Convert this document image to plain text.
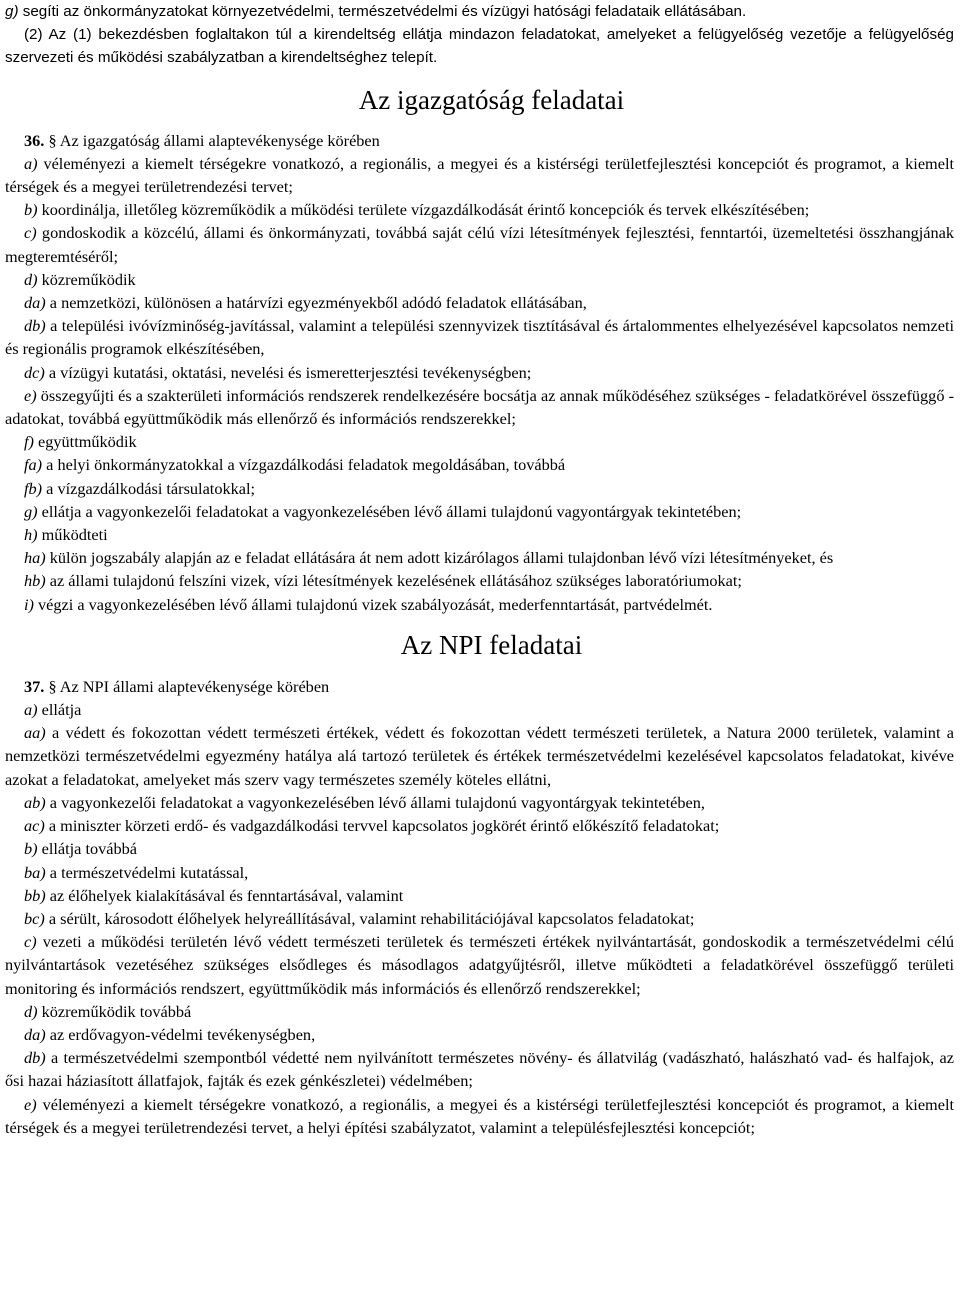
g) segíti az önkormányzatokat környezetvédelmi, természetvédelmi és vízügyi hatósági feladataik ellátásában.

(2) Az (1) bekezdésben foglaltakon túl a kirendeltség ellátja mindazon feladatokat, amelyeket a felügyelőség vezetője a felügyelőség szervezeti és működési szabályzatban a kirendeltséghez telepít.

Az igazgatóság feladatai

36. § Az igazgatóság állami alaptevékenysége körében

a) véleményezi a kiemelt térségekre vonatkozó, a regionális, a megyei és a kistérségi területfejlesztési koncepciót és programot, a kiemelt térségek és a megyei területrendezési tervet;

b) koordinálja, illetőleg közreműködik a működési területe vízgazdálkodását érintő koncepciók és tervek elkészítésében;

c) gondoskodik a közcélú, állami és önkormányzati, továbbá saját célú vízi létesítmények fejlesztési, fenntartói, üzemeltetési összhangjának megteremtéséről;

d) közreműködik

da) a nemzetközi, különösen a határvízi egyezményekből adódó feladatok ellátásában,

db) a települési ivóvízminőség-javítással, valamint a települési szennyvizek tisztításával és ártalommentes elhelyezésével kapcsolatos nemzeti és regionális programok elkészítésében,

dc) a vízügyi kutatási, oktatási, nevelési és ismeretterjesztési tevékenységben;

e) összegyűjti és a szakterületi információs rendszerek rendelkezésére bocsátja az annak működéséhez szükséges - feladatkörével összefüggő - adatokat, továbbá együttműködik más ellenőrző és információs rendszerekkel;

f) együttműködik

fa) a helyi önkormányzatokkal a vízgazdálkodási feladatok megoldásában, továbbá

fb) a vízgazdálkodási társulatokkal;

g) ellátja a vagyonkezelői feladatokat a vagyonkezelésében lévő állami tulajdonú vagyontárgyak tekintetében;

h) működteti

ha) külön jogszabály alapján az e feladat ellátására át nem adott kizárólagos állami tulajdonban lévő vízi létesítményeket, és

hb) az állami tulajdonú felszíni vizek, vízi létesítmények kezelésének ellátásához szükséges laboratóriumokat;

i) végzi a vagyonkezelésében lévő állami tulajdonú vizek szabályozását, mederfenntartását, partvédelmét.

Az NPI feladatai

37. § Az NPI állami alaptevékenysége körében

a) ellátja

aa) a védett és fokozottan védett természeti értékek, védett és fokozottan védett természeti területek, a Natura 2000 területek, valamint a nemzetközi természetvédelmi egyezmény hatálya alá tartozó területek és értékek természetvédelmi kezelésével kapcsolatos feladatokat, kivéve azokat a feladatokat, amelyeket más szerv vagy természetes személy köteles ellátni,

ab) a vagyonkezelői feladatokat a vagyonkezelésében lévő állami tulajdonú vagyontárgyak tekintetében,

ac) a miniszter körzeti erdő- és vadgazdálkodási tervvel kapcsolatos jogkörét érintő előkészítő feladatokat;

b) ellátja továbbá

ba) a természetvédelmi kutatással,

bb) az élőhelyek kialakításával és fenntartásával, valamint

bc) a sérült, károsodott élőhelyek helyreállításával, valamint rehabilitációjával kapcsolatos feladatokat;

c) vezeti a működési területén lévő védett természeti területek és természeti értékek nyilvántartását, gondoskodik a természetvédelmi célú nyilvántartások vezetéséhez szükséges elsődleges és másodlagos adatgyűjtésről, illetve működteti a feladatkörével összefüggő területi monitoring és információs rendszert, együttműködik más információs és ellenőrző rendszerekkel;

d) közreműködik továbbá

da) az erdővagyon-védelmi tevékenységben,

db) a természetvédelmi szempontból védetté nem nyilvánított természetes növény- és állatvilág (vadászható, halászható vad- és halfajok, az ősi hazai háziasított állatfajok, fajták és ezek génkészletei) védelmében;

e) véleményezi a kiemelt térségekre vonatkozó, a regionális, a megyei és a kistérségi területfejlesztési koncepciót és programot, a kiemelt térségek és a megyei területrendezési tervet, a helyi építési szabályzatot, valamint a településfejlesztési koncepciót;
